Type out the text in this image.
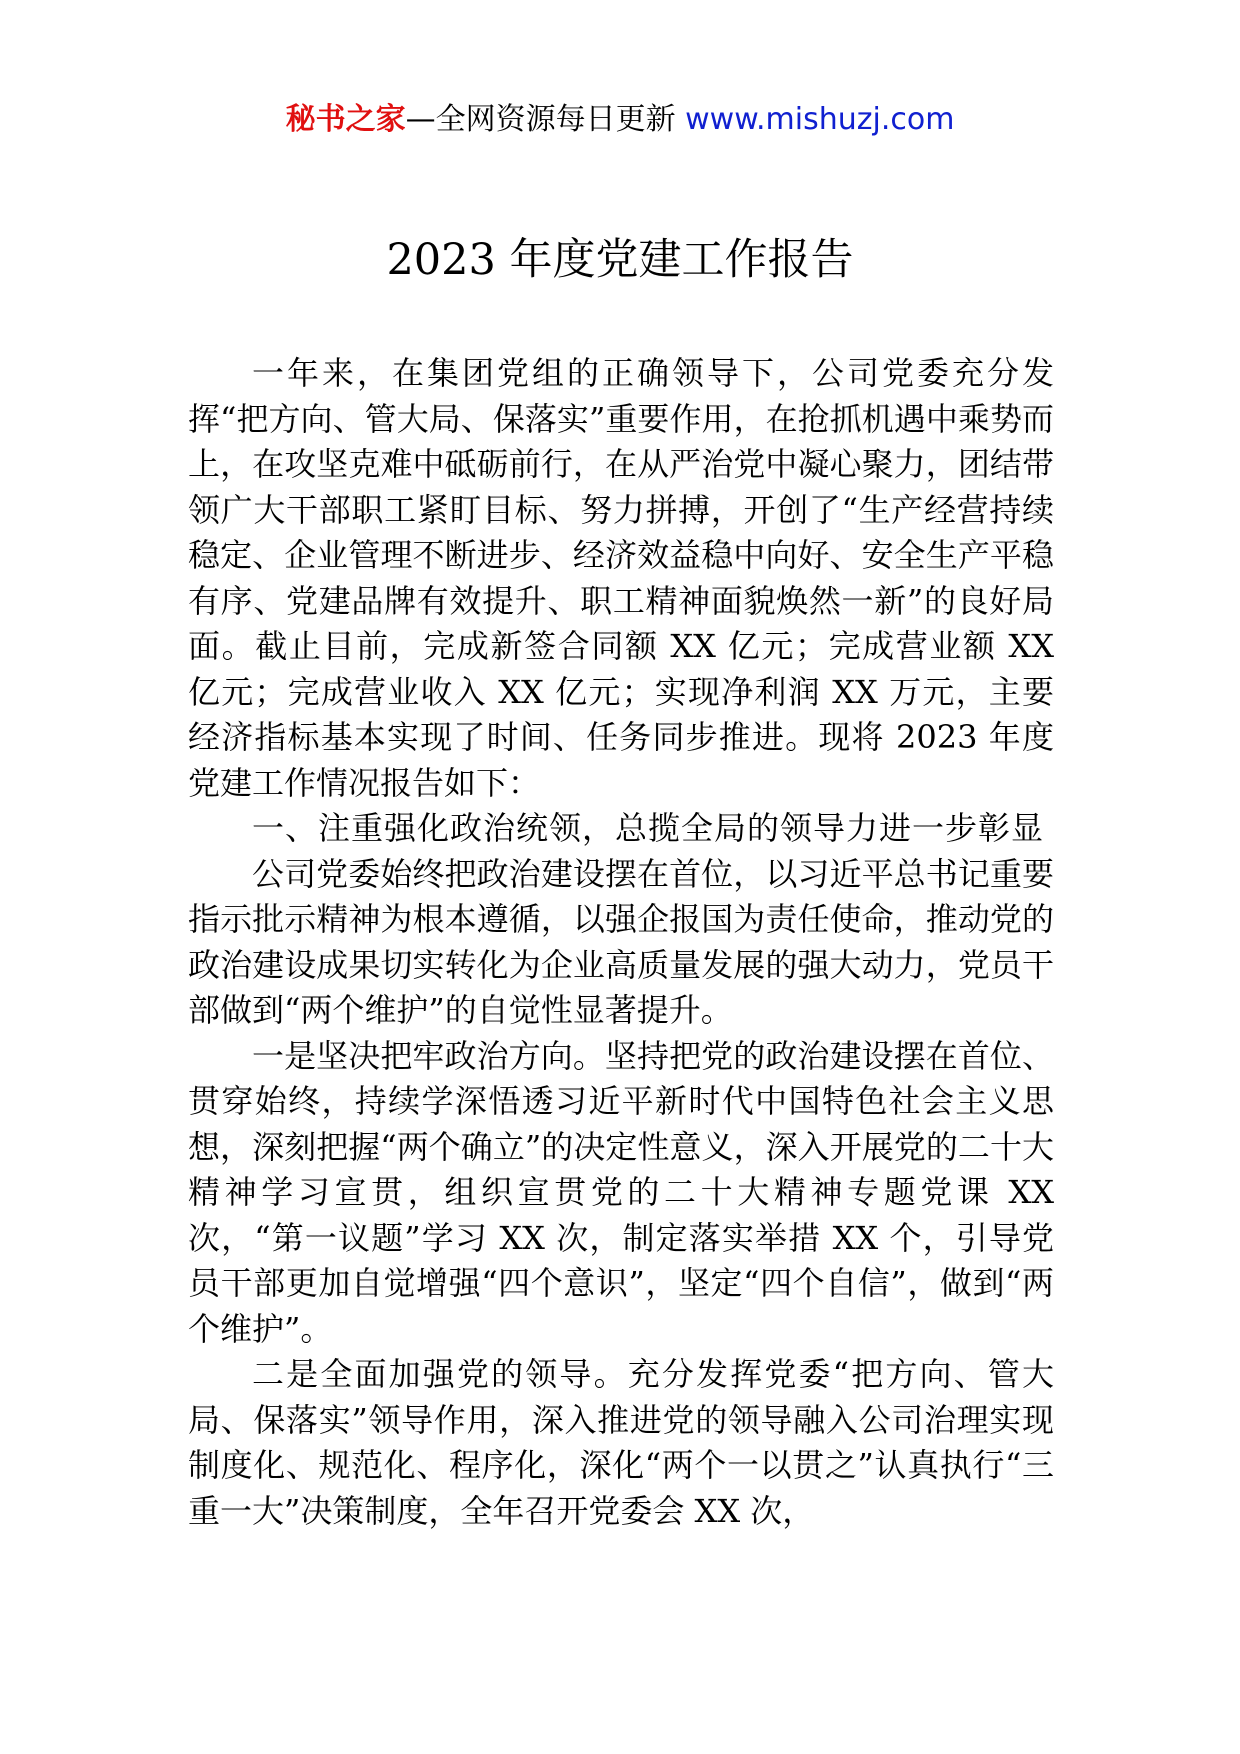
秘书之家—全网资源每日更新 www.mishuzj.com
2023 年度党建工作报告

一年来，在集团党组的正确领导下，公司党委充分发挥“把方向、管大局、保落实”重要作用，在抢抓机遇中乘势而上，在攻坚克难中砥砺前行，在从严治党中凝心聚力，团结带领广大干部职工紧盯目标、努力拼搏，开创了“生产经营持续稳定、企业管理不断进步、经济效益稳中向好、安全生产平稳有序、党建品牌有效提升、职工精神面貌焕然一新”的良好局面。截止目前，完成新签合同额 XX 亿元；完成营业额 XX 亿元；完成营业收入 XX 亿元；实现净利润 XX 万元，主要经济指标基本实现了时间、任务同步推进。现将 2023 年度党建工作情况报告如下：

一、注重强化政治统领，总揽全局的领导力进一步彰显

公司党委始终把政治建设摆在首位，以习近平总书记重要指示批示精神为根本遵循，以强企报国为责任使命，推动党的政治建设成果切实转化为企业高质量发展的强大动力，党员干部做到“两个维护”的自觉性显著提升。

一是坚决把牢政治方向。坚持把党的政治建设摆在首位、贯穿始终，持续学深悟透习近平新时代中国特色社会主义思想，深刻把握“两个确立”的决定性意义，深入开展党的二十大精神学习宣贯，组织宣贯党的二十大精神专题党课 XX 次，“第一议题”学习 XX 次，制定落实举措 XX 个，引导党员干部更加自觉增强“四个意识”，坚定“四个自信”，做到“两个维护”。

二是全面加强党的领导。充分发挥党委“把方向、管大局、保落实”领导作用，深入推进党的领导融入公司治理实现制度化、规范化、程序化，深化“两个一以贯之”认真执行“三重一大”决策制度，全年召开党委会 XX 次，
